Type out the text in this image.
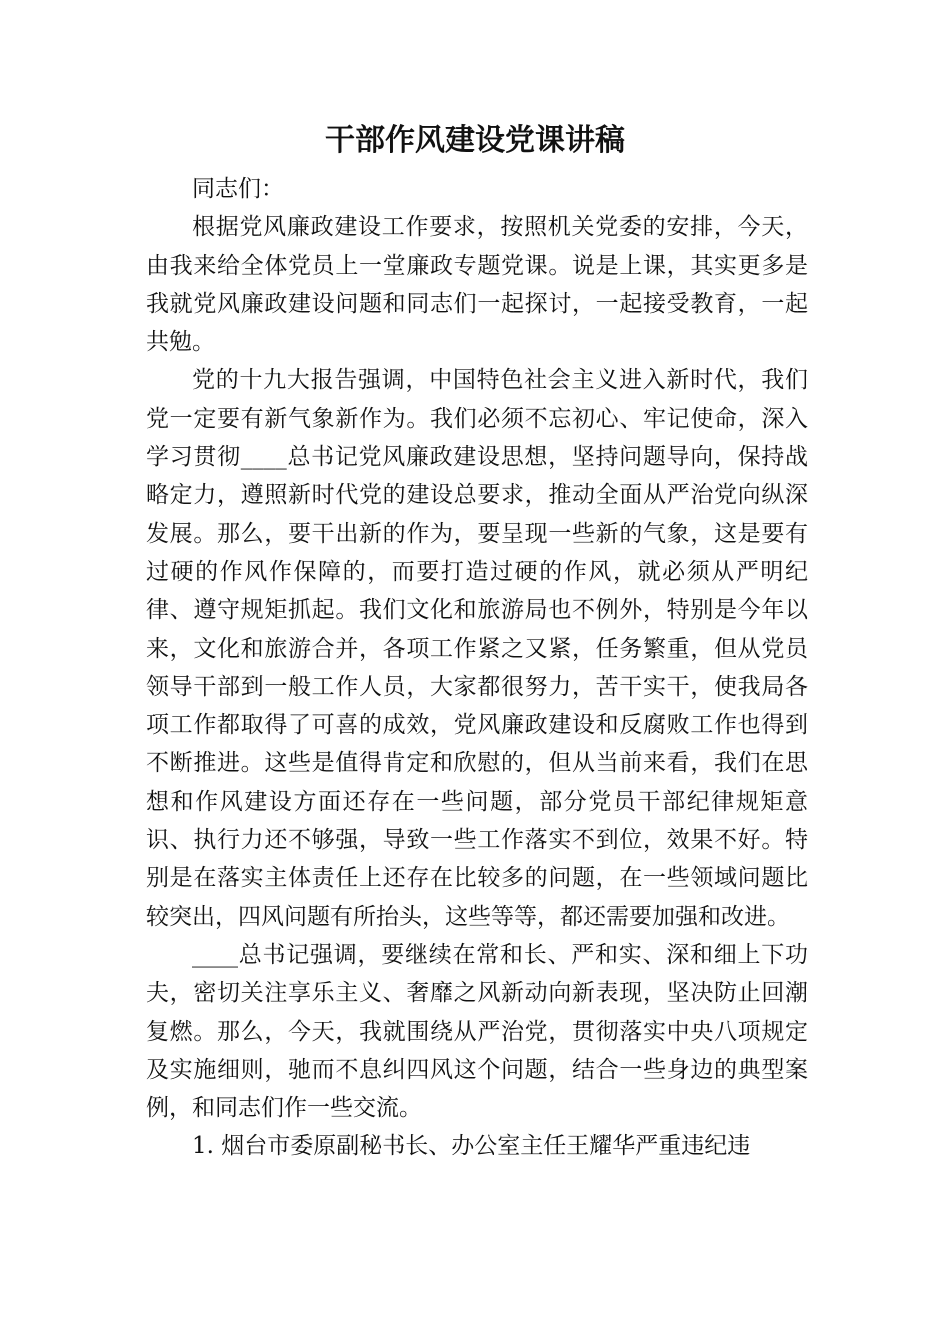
干部作风建设党课讲稿

同志们：

根据党风廉政建设工作要求，按照机关党委的安排，今天，由我来给全体党员上一堂廉政专题党课。说是上课，其实更多是我就党风廉政建设问题和同志们一起探讨，一起接受教育，一起共勉。

党的十九大报告强调，中国特色社会主义进入新时代，我们党一定要有新气象新作为。我们必须不忘初心、牢记使命，深入学习贯彻____总书记党风廉政建设思想，坚持问题导向，保持战略定力，遵照新时代党的建设总要求，推动全面从严治党向纵深发展。那么，要干出新的作为，要呈现一些新的气象，这是要有过硬的作风作保障的，而要打造过硬的作风，就必须从严明纪律、遵守规矩抓起。我们文化和旅游局也不例外，特别是今年以来，文化和旅游合并，各项工作紧之又紧，任务繁重，但从党员领导干部到一般工作人员，大家都很努力，苦干实干，使我局各项工作都取得了可喜的成效，党风廉政建设和反腐败工作也得到不断推进。这些是值得肯定和欣慰的，但从当前来看，我们在思想和作风建设方面还存在一些问题，部分党员干部纪律规矩意识、执行力还不够强，导致一些工作落实不到位，效果不好。特别是在落实主体责任上还存在比较多的问题，在一些领域问题比较突出，四风问题有所抬头，这些等等，都还需要加强和改进。

____总书记强调，要继续在常和长、严和实、深和细上下功夫，密切关注享乐主义、奢靡之风新动向新表现，坚决防止回潮复燃。那么，今天，我就围绕从严治党，贯彻落实中央八项规定及实施细则，驰而不息纠四风这个问题，结合一些身边的典型案例，和同志们作一些交流。

1. 烟台市委原副秘书长、办公室主任王耀华严重违纪违
